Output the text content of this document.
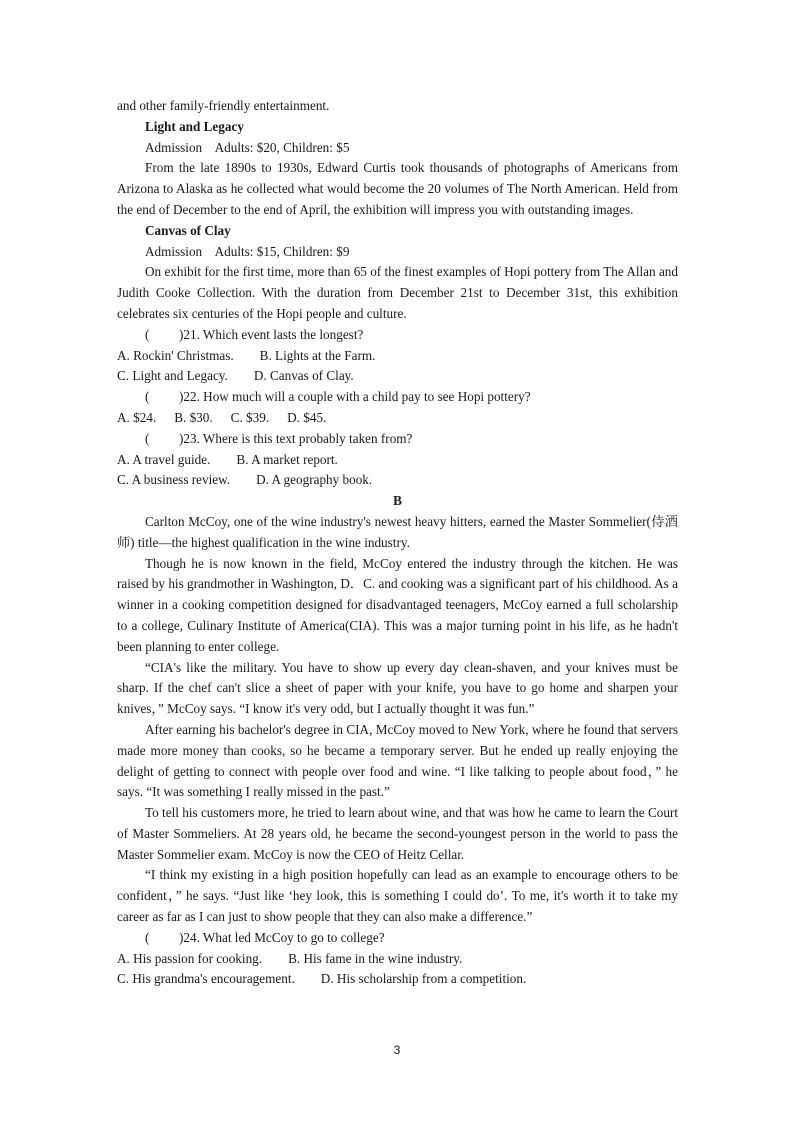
and other family-friendly entertainment.

Light and Legacy

Admission    Adults: $20, Children: $5

From the late 1890s to 1930s, Edward Curtis took thousands of photographs of Americans from Arizona to Alaska as he collected what would become the 20 volumes of The North American. Held from the end of December to the end of April, the exhibition will impress you with outstanding images.

Canvas of Clay

Admission    Adults: $15, Children: $9

On exhibit for the first time, more than 65 of the finest examples of Hopi pottery from The Allan and Judith Cooke Collection. With the duration from December 21st to December 31st, this exhibition celebrates six centuries of the Hopi people and culture.

(	)21. Which event lasts the longest?

A. Rockin' Christmas. B. Lights at the Farm.

C. Light and Legacy. D. Canvas of Clay.

(	)22. How much will a couple with a child pay to see Hopi pottery?

A. $24. B. $30. C. $39. D. $45.

(	)23. Where is this text probably taken from?

A. A travel guide. B. A market report.

C. A business review. D. A geography book.

B

Carlton McCoy, one of the wine industry's newest heavy hitters, earned the Master Sommelier(侍酒师) title—the highest qualification in the wine industry.

Though he is now known in the field, McCoy entered the industry through the kitchen. He was raised by his grandmother in Washington, D．C. and cooking was a significant part of his childhood. As a winner in a cooking competition designed for disadvantaged teenagers, McCoy earned a full scholarship to a college, Culinary Institute of America(CIA). This was a major turning point in his life, as he hadn't been planning to enter college.

“CIA's like the military. You have to show up every day clean-shaven, and your knives must be sharp. If the chef can't slice a sheet of paper with your knife, you have to go home and sharpen your knives，” McCoy says. “I know it's very odd, but I actually thought it was fun.”

After earning his bachelor's degree in CIA, McCoy moved to New York, where he found that servers made more money than cooks, so he became a temporary server. But he ended up really enjoying the delight of getting to connect with people over food and wine. “I like talking to people about food，” he says. “It was something I really missed in the past.”

To tell his customers more, he tried to learn about wine, and that was how he came to learn the Court of Master Sommeliers. At 28 years old, he became the second-youngest person in the world to pass the Master Sommelier exam. McCoy is now the CEO of Heitz Cellar.

“I think my existing in a high position hopefully can lead as an example to encourage others to be confident，” he says. “Just like ‘hey look, this is something I could do’. To me, it's worth it to take my career as far as I can just to show people that they can also make a difference.”

(	)24. What led McCoy to go to college?

A. His passion for cooking. B. His fame in the wine industry.

C. His grandma's encouragement. D. His scholarship from a competition.

3
